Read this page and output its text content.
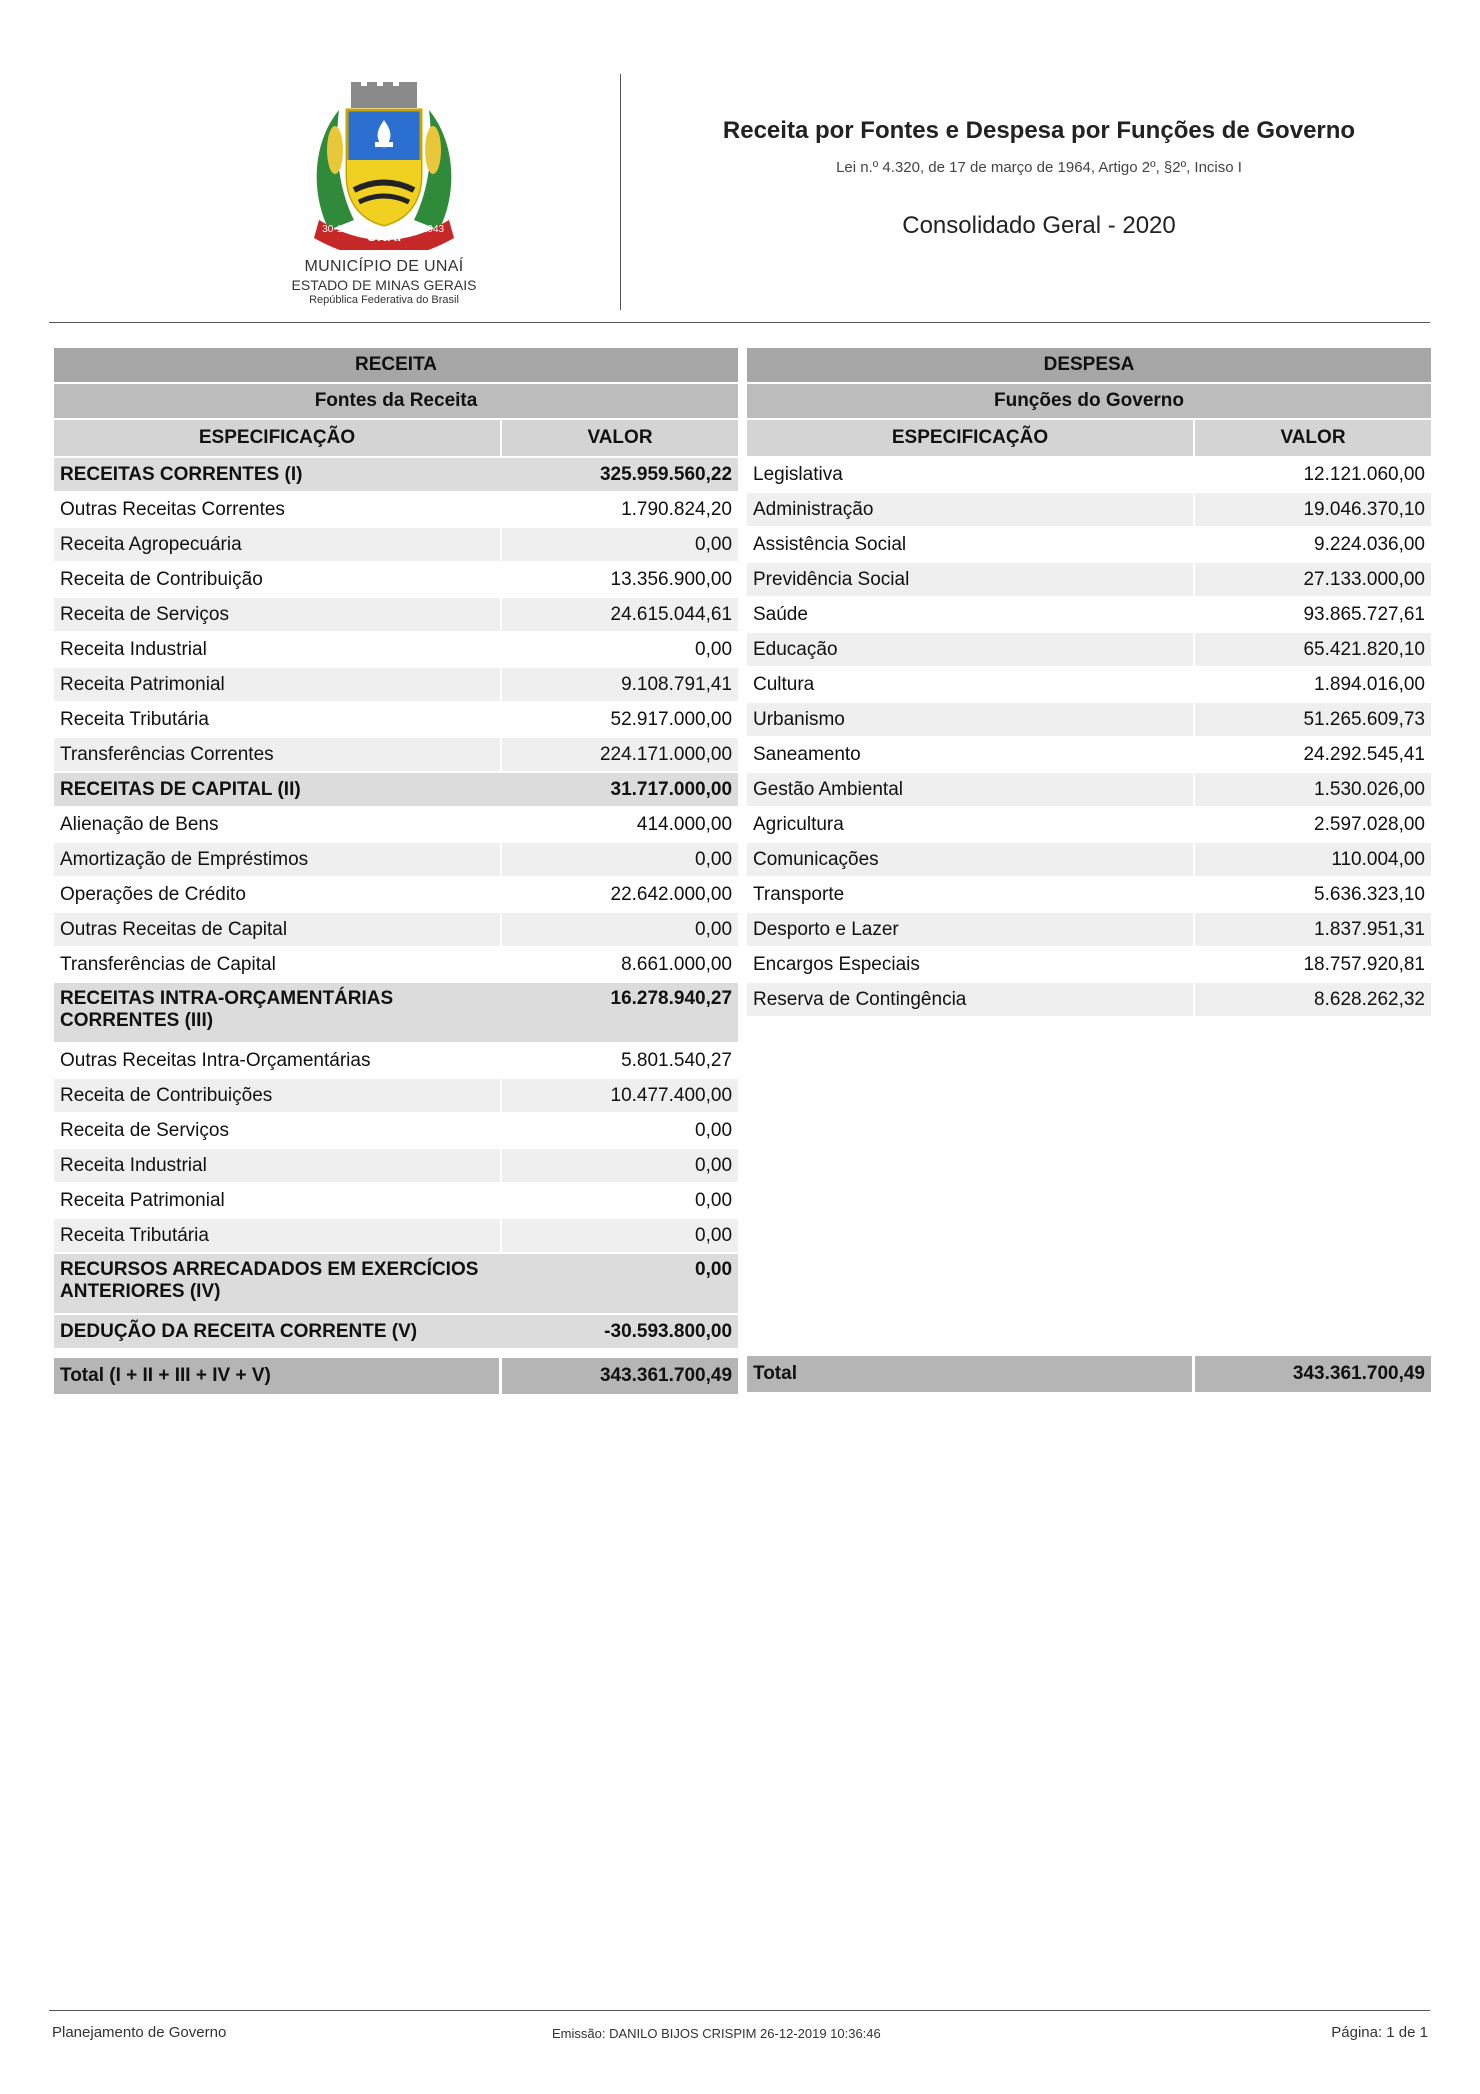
UNAÍ
30-12	1943
MUNICÍPIO DE UNAÍ
ESTADO DE MINAS GERAIS
República Federativa do Brasil
Receita por Fontes e Despesa por Funções de Governo
Lei n.º 4.320, de 17 de março de 1964, Artigo 2º, §2º, Inciso I
Consolidado Geral - 2020
RECEITA	
Fontes da Receita	
ESPECIFICAÇÃO	VALOR
RECEITAS CORRENTES (I)	325.959.560,22
Outras Receitas Correntes	1.790.824,20
Receita Agropecuária	0,00
Receita de Contribuição	13.356.900,00
Receita de Serviços	24.615.044,61
Receita Industrial	0,00
Receita Patrimonial	9.108.791,41
Receita Tributária	52.917.000,00
Transferências Correntes	224.171.000,00
RECEITAS DE CAPITAL (II)	31.717.000,00
Alienação de Bens	414.000,00
Amortização de Empréstimos	0,00
Operações de Crédito	22.642.000,00
Outras Receitas de Capital	0,00
Transferências de Capital	8.661.000,00
RECEITAS INTRA-ORÇAMENTÁRIAS CORRENTES (III)	16.278.940,27
Outras Receitas Intra-Orçamentárias	5.801.540,27
Receita de Contribuições	10.477.400,00
Receita de Serviços	0,00
Receita Industrial	0,00
Receita Patrimonial	0,00
Receita Tributária	0,00
RECURSOS ARRECADADOS EM EXERCÍCIOS ANTERIORES (IV)	0,00
DEDUÇÃO DA RECEITA CORRENTE (V)	-30.593.800,00

Total (I + II + III + IV + V)	343.361.700,49
DESPESA	
Funções do Governo	
ESPECIFICAÇÃO	VALOR
Legislativa	12.121.060,00
Administração	19.046.370,10
Assistência Social	9.224.036,00
Previdência Social	27.133.000,00
Saúde	93.865.727,61
Educação	65.421.820,10
Cultura	1.894.016,00
Urbanismo	51.265.609,73
Saneamento	24.292.545,41
Gestão Ambiental	1.530.026,00
Agricultura	2.597.028,00
Comunicações	110.004,00
Transporte	5.636.323,10
Desporto e Lazer	1.837.951,31
Encargos Especiais	18.757.920,81
Reserva de Contingência	8.628.262,32

Total	343.361.700,49
Planejamento de Governo	Emissão: DANILO BIJOS CRISPIM 26-12-2019 10:36:46	Página: 1 de 1
